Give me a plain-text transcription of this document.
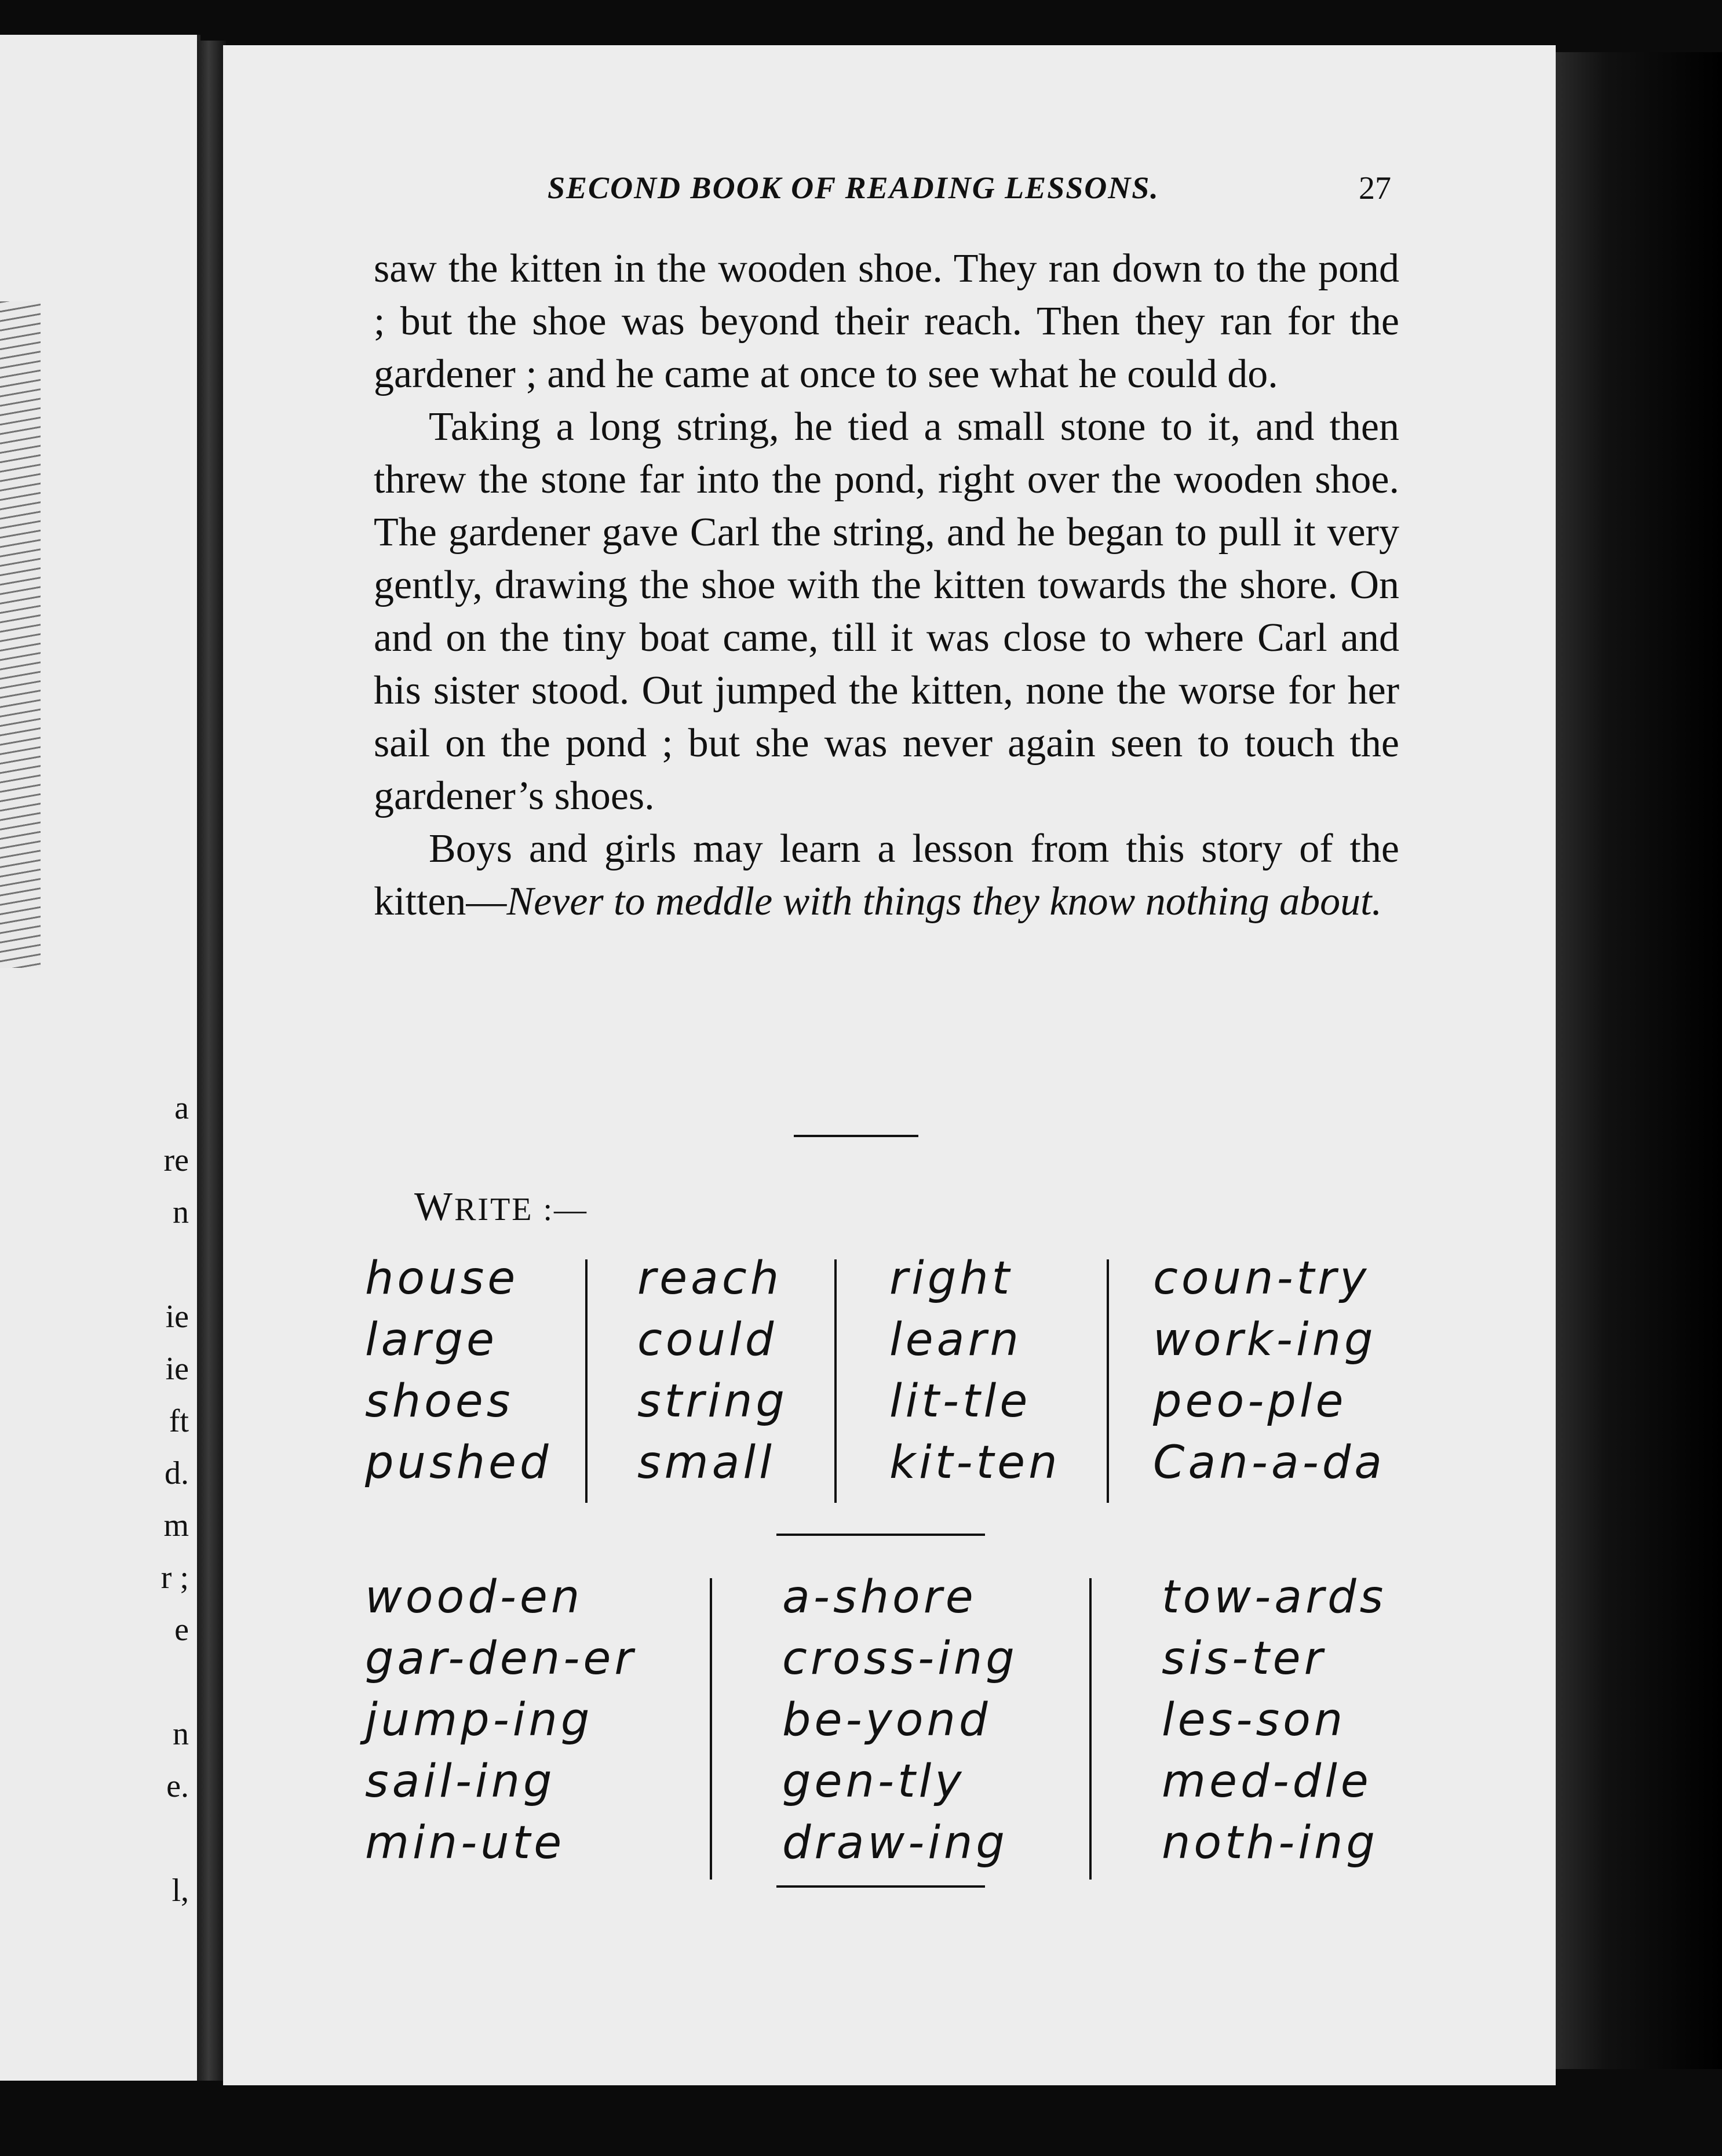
a
re
n
ie
ie
ft
d.
m
r ;
e
n
e.
l,
SECOND BOOK OF READING LESSONS.	27

saw the kitten in the wooden shoe. They ran down to the pond ; but the shoe was beyond their reach. Then they ran for the gardener ; and he came at once to see what he could do.

Taking a long string, he tied a small stone to it, and then threw the stone far into the pond, right over the wooden shoe. The gardener gave Carl the string, and he began to pull it very gently, drawing the shoe with the kitten towards the shore. On and on the tiny boat came, till it was close to where Carl and his sister stood. Out jumped the kitten, none the worse for her sail on the pond ; but she was never again seen to touch the gardener’s shoes.

Boys and girls may learn a lesson from this story of the kitten—Never to meddle with things they know nothing about.

WRITE :—
house
large
shoes
pushed
reach
could
string
small
right
learn
lit-tle
kit-ten
coun-try
work-ing
peo-ple
Can-a-da
wood-en
gar-den-er
jump-ing
sail-ing
min-ute
a-shore
cross-ing
be-yond
gen-tly
draw-ing
tow-ards
sis-ter
les-son
med-dle
noth-ing
